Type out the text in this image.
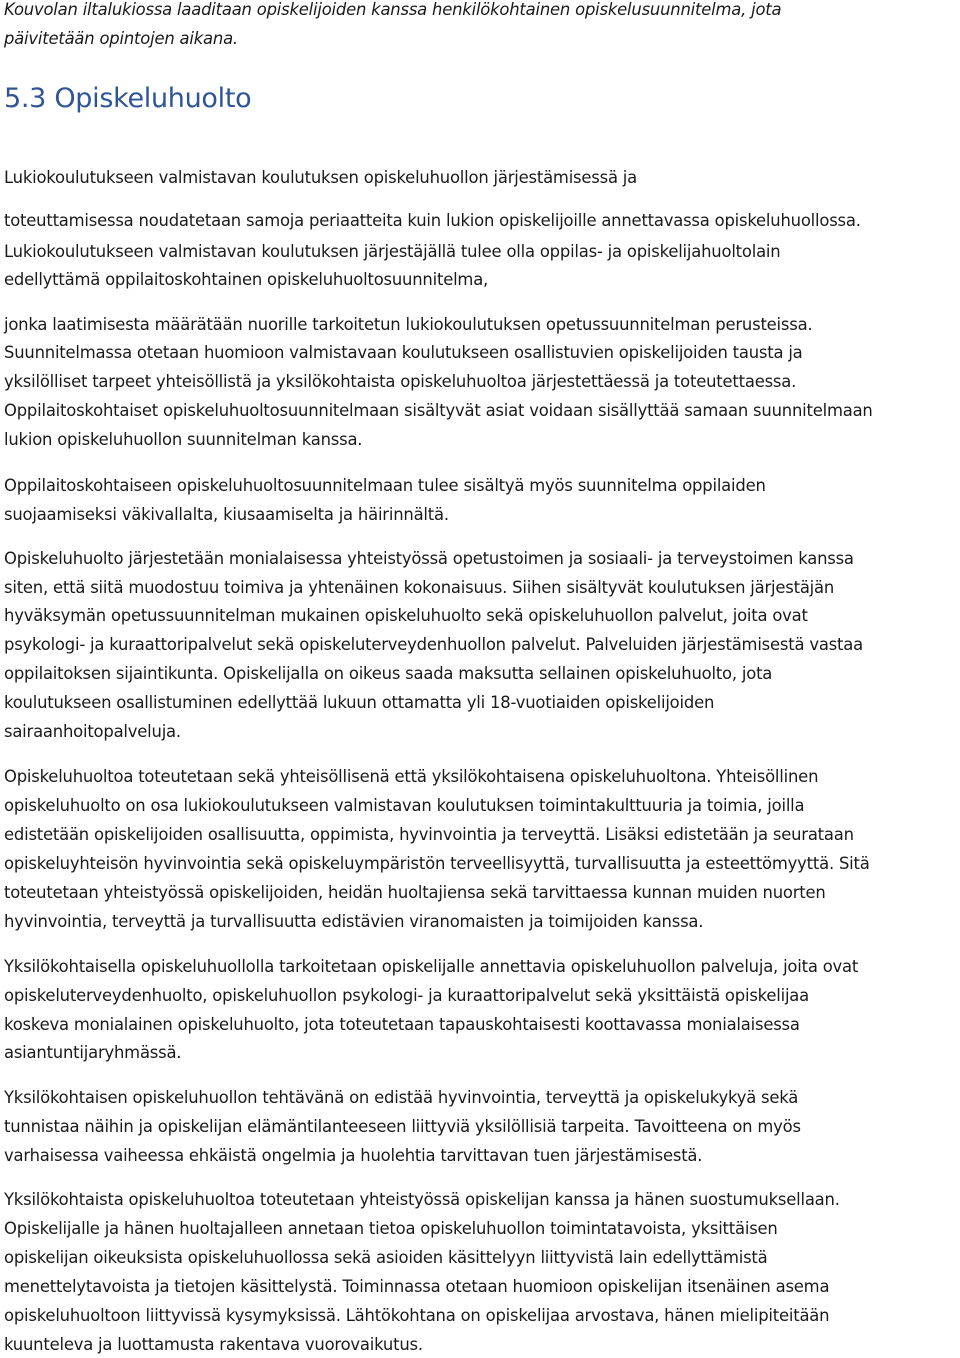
Kouvolan iltalukiossa laaditaan opiskelijoiden kanssa henkilökohtainen opiskelusuunnitelma, jota
päivitetään opintojen aikana.
5.3 Opiskeluhuolto
Lukiokoulutukseen valmistavan koulutuksen opiskeluhuollon järjestämisessä ja
toteuttamisessa noudatetaan samoja periaatteita kuin lukion opiskelijoille annettavassa opiskeluhuollossa.
Lukiokoulutukseen valmistavan koulutuksen järjestäjällä tulee olla oppilas- ja opiskelijahuoltolain
edellyttämä oppilaitoskohtainen opiskeluhuoltosuunnitelma,
jonka laatimisesta määrätään nuorille tarkoitetun lukiokoulutuksen opetussuunnitelman perusteissa.
Suunnitelmassa otetaan huomioon valmistavaan koulutukseen osallistuvien opiskelijoiden tausta ja
yksilölliset tarpeet yhteisöllistä ja yksilökohtaista opiskeluhuoltoa järjestettäessä ja toteutettaessa.
Oppilaitoskohtaiset opiskeluhuoltosuunnitelmaan sisältyvät asiat voidaan sisällyttää samaan suunnitelmaan
lukion opiskeluhuollon suunnitelman kanssa.
Oppilaitoskohtaiseen opiskeluhuoltosuunnitelmaan tulee sisältyä myös suunnitelma oppilaiden
suojaamiseksi väkivallalta, kiusaamiselta ja häirinnältä.
Opiskeluhuolto järjestetään monialaisessa yhteistyössä opetustoimen ja sosiaali- ja terveystoimen kanssa
siten, että siitä muodostuu toimiva ja yhtenäinen kokonaisuus. Siihen sisältyvät koulutuksen järjestäjän
hyväksymän opetussuunnitelman mukainen opiskeluhuolto sekä opiskeluhuollon palvelut, joita ovat
psykologi- ja kuraattoripalvelut sekä opiskeluterveydenhuollon palvelut. Palveluiden järjestämisestä vastaa
oppilaitoksen sijaintikunta. Opiskelijalla on oikeus saada maksutta sellainen opiskeluhuolto, jota
koulutukseen osallistuminen edellyttää lukuun ottamatta yli 18-vuotiaiden opiskelijoiden
sairaanhoitopalveluja.
Opiskeluhuoltoa toteutetaan sekä yhteisöllisenä että yksilökohtaisena opiskeluhuoltona. Yhteisöllinen
opiskeluhuolto on osa lukiokoulutukseen valmistavan koulutuksen toimintakulttuuria ja toimia, joilla
edistetään opiskelijoiden osallisuutta, oppimista, hyvinvointia ja terveyttä. Lisäksi edistetään ja seurataan
opiskeluyhteisön hyvinvointia sekä opiskeluympäristön terveellisyyttä, turvallisuutta ja esteettömyyttä. Sitä
toteutetaan yhteistyössä opiskelijoiden, heidän huoltajiensa sekä tarvittaessa kunnan muiden nuorten
hyvinvointia, terveyttä ja turvallisuutta edistävien viranomaisten ja toimijoiden kanssa.
Yksilökohtaisella opiskeluhuollolla tarkoitetaan opiskelijalle annettavia opiskeluhuollon palveluja, joita ovat
opiskeluterveydenhuolto, opiskeluhuollon psykologi- ja kuraattoripalvelut sekä yksittäistä opiskelijaa
koskeva monialainen opiskeluhuolto, jota toteutetaan tapauskohtaisesti koottavassa monialaisessa
asiantuntijaryhmässä.
Yksilökohtaisen opiskeluhuollon tehtävänä on edistää hyvinvointia, terveyttä ja opiskelukykyä sekä
tunnistaa näihin ja opiskelijan elämäntilanteeseen liittyviä yksilöllisiä tarpeita. Tavoitteena on myös
varhaisessa vaiheessa ehkäistä ongelmia ja huolehtia tarvittavan tuen järjestämisestä.
Yksilökohtaista opiskeluhuoltoa toteutetaan yhteistyössä opiskelijan kanssa ja hänen suostumuksellaan.
Opiskelijalle ja hänen huoltajalleen annetaan tietoa opiskeluhuollon toimintatavoista, yksittäisen
opiskelijan oikeuksista opiskeluhuollossa sekä asioiden käsittelyyn liittyvistä lain edellyttämistä
menettelytavoista ja tietojen käsittelystä. Toiminnassa otetaan huomioon opiskelijan itsenäinen asema
opiskeluhuoltoon liittyvissä kysymyksissä. Lähtökohtana on opiskelijaa arvostava, hänen mielipiteitään
kuunteleva ja luottamusta rakentava vuorovaikutus.
